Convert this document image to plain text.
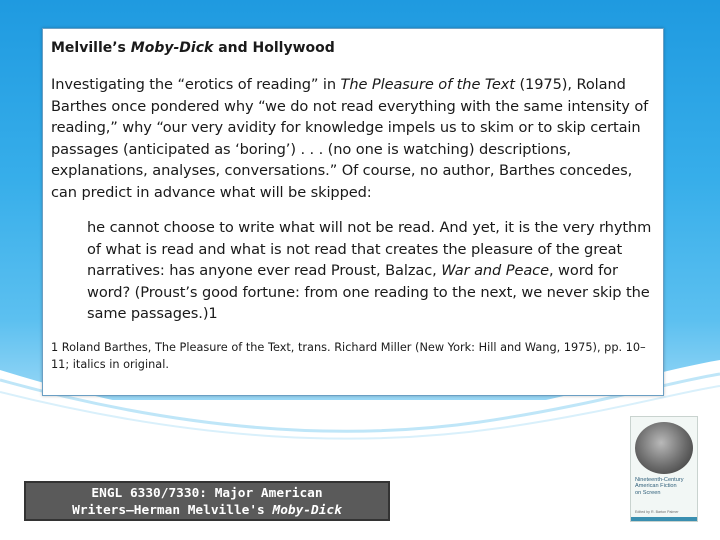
Melville’s Moby-Dick and Hollywood

Investigating the “erotics of reading” in The Pleasure of the Text (1975), Roland Barthes once pondered why “we do not read everything with the same intensity of reading,” why “our very avidity for knowledge impels us to skim or to skip certain passages (anticipated as ‘boring’) . . . (no one is watching) descriptions, explanations, analyses, conversations.” Of course, no author, Barthes concedes, can predict in advance what will be skipped:

he cannot choose to write what will not be read. And yet, it is the very rhythm of what is read and what is not read that creates the pleasure of the great narratives: has anyone ever read Proust, Balzac, War and Peace, word for word? (Proust’s good fortune: from one reading to the next, we never skip the same passages.)1

1 Roland Barthes, The Pleasure of the Text, trans. Richard Miller (New York: Hill and Wang, 1975), pp. 10–11; italics in original.

ENGL 6330/7330: Major American
Writers—Herman Melville's Moby-Dick
Nineteenth-Century
American Fiction
on Screen
Edited by R. Barton Palmer
